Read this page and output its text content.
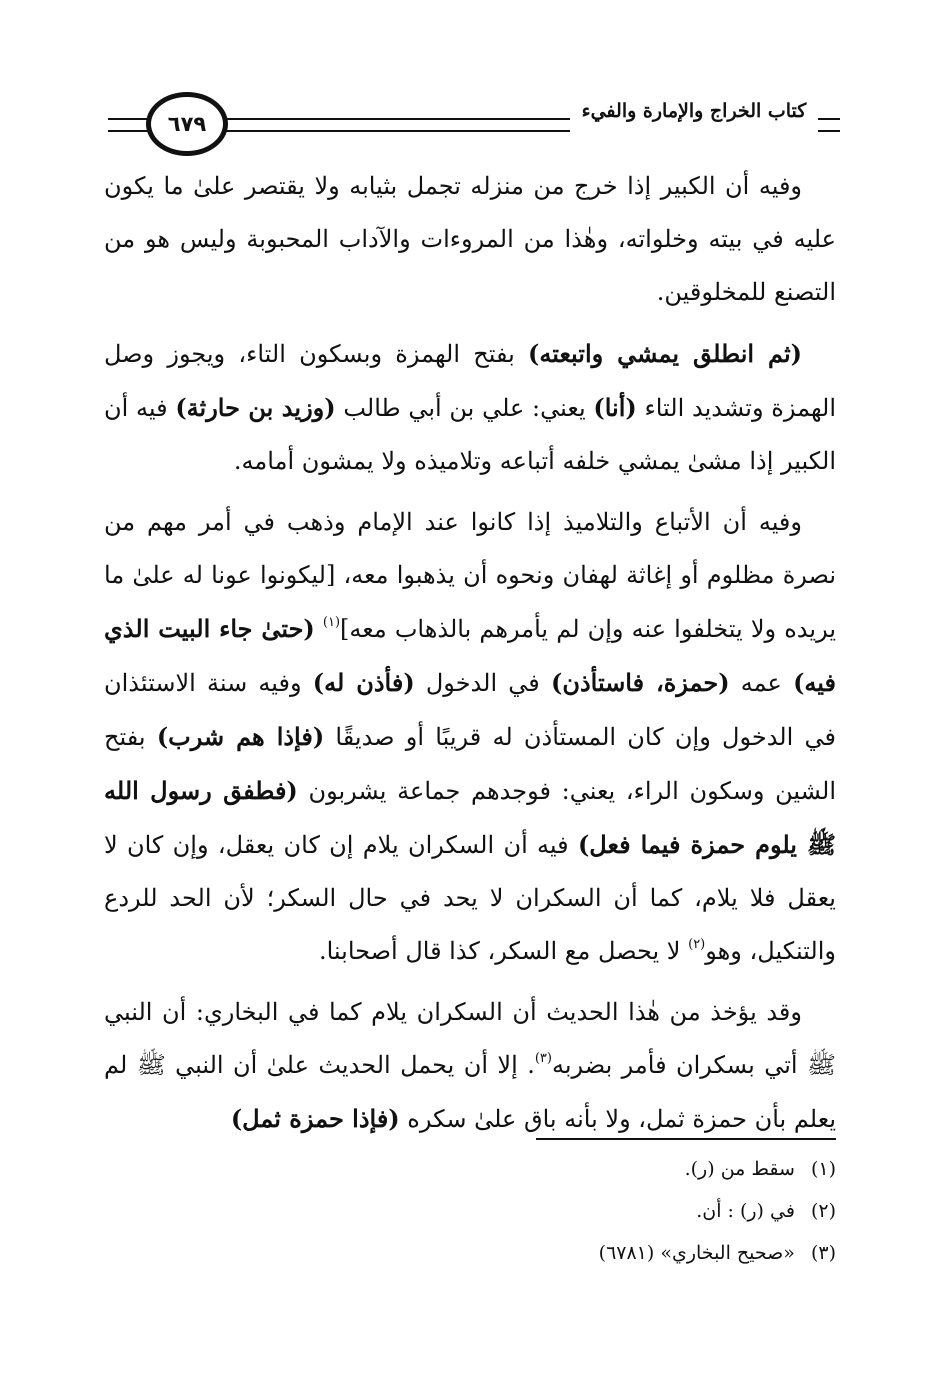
٦٧٩
كتاب الخراج والإمارة والفيء

وفيه أن الكبير إذا خرج من منزله تجمل بثيابه ولا يقتصر علىٰ ما يكون عليه في بيته وخلواته، وهٰذا من المروءات والآداب المحبوبة وليس هو من التصنع للمخلوقين.

(ثم انطلق يمشي واتبعته) بفتح الهمزة وبسكون التاء، ويجوز وصل الهمزة وتشديد التاء (أنا) يعني: علي بن أبي طالب (وزيد بن حارثة) فيه أن الكبير إذا مشىٰ يمشي خلفه أتباعه وتلاميذه ولا يمشون أمامه.

وفيه أن الأتباع والتلاميذ إذا كانوا عند الإمام وذهب في أمر مهم من نصرة مظلوم أو إغاثة لهفان ونحوه أن يذهبوا معه، [ليكونوا عونا له علىٰ ما يريده ولا يتخلفوا عنه وإن لم يأمرهم بالذهاب معه]$^{(١)}$ (حتىٰ جاء البيت الذي فيه) عمه (حمزة، فاستأذن) في الدخول (فأذن له) وفيه سنة الاستئذان في الدخول وإن كان المستأذن له قريبًا أو صديقًا (فإذا هم شرب) بفتح الشين وسكون الراء، يعني: فوجدهم جماعة يشربون (فطفق رسول الله ﷺ يلوم حمزة فيما فعل) فيه أن السكران يلام إن كان يعقل، وإن كان لا يعقل فلا يلام، كما أن السكران لا يحد في حال السكر؛ لأن الحد للردع والتنكيل، وهو$^{(٢)}$ لا يحصل مع السكر، كذا قال أصحابنا.

وقد يؤخذ من هٰذا الحديث أن السكران يلام كما في البخاري: أن النبي ﷺ أتي بسكران فأمر بضربه$^{(٣)}$. إلا أن يحمل الحديث علىٰ أن النبي ﷺ لم يعلم بأن حمزة ثمل، ولا بأنه باق علىٰ سكره (فإذا حمزة ثمل)

(١)سقط من (ر).

(٢)في (ر) : أن.

(٣)«صحيح البخاري» (٦٧٨١)
